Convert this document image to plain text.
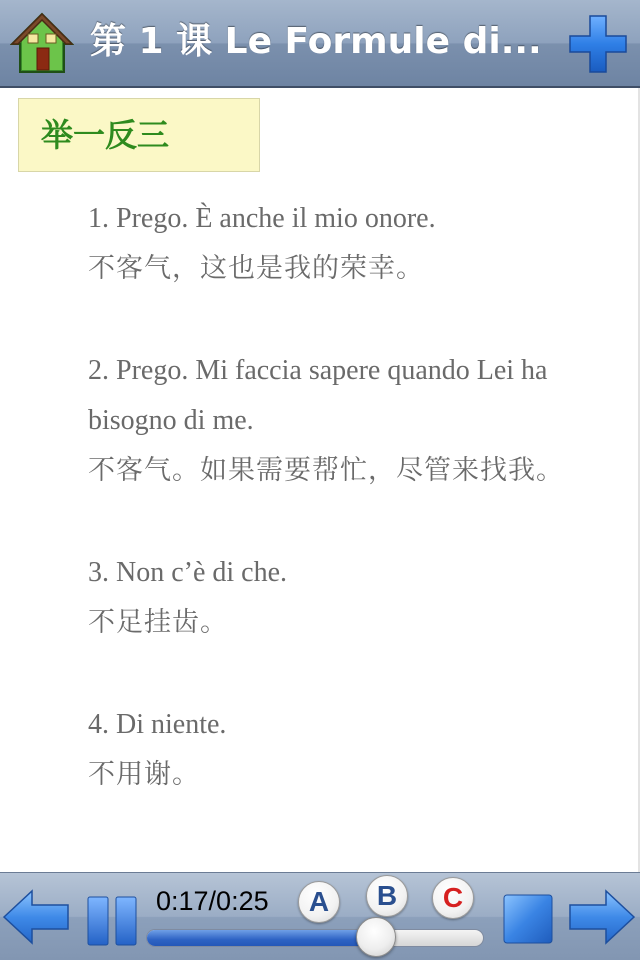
第 1 课 Le Formule di...
举一反三
1. Prego. È anche il mio onore.
不客气，这也是我的荣幸。
2. Prego. Mi faccia sapere quando Lei ha bisogno di me.
不客气。如果需要帮忙，尽管来找我。
3. Non c’è di che.
不足挂齿。
4. Di niente.
不用谢。
0:17/0:25	A	B	C
